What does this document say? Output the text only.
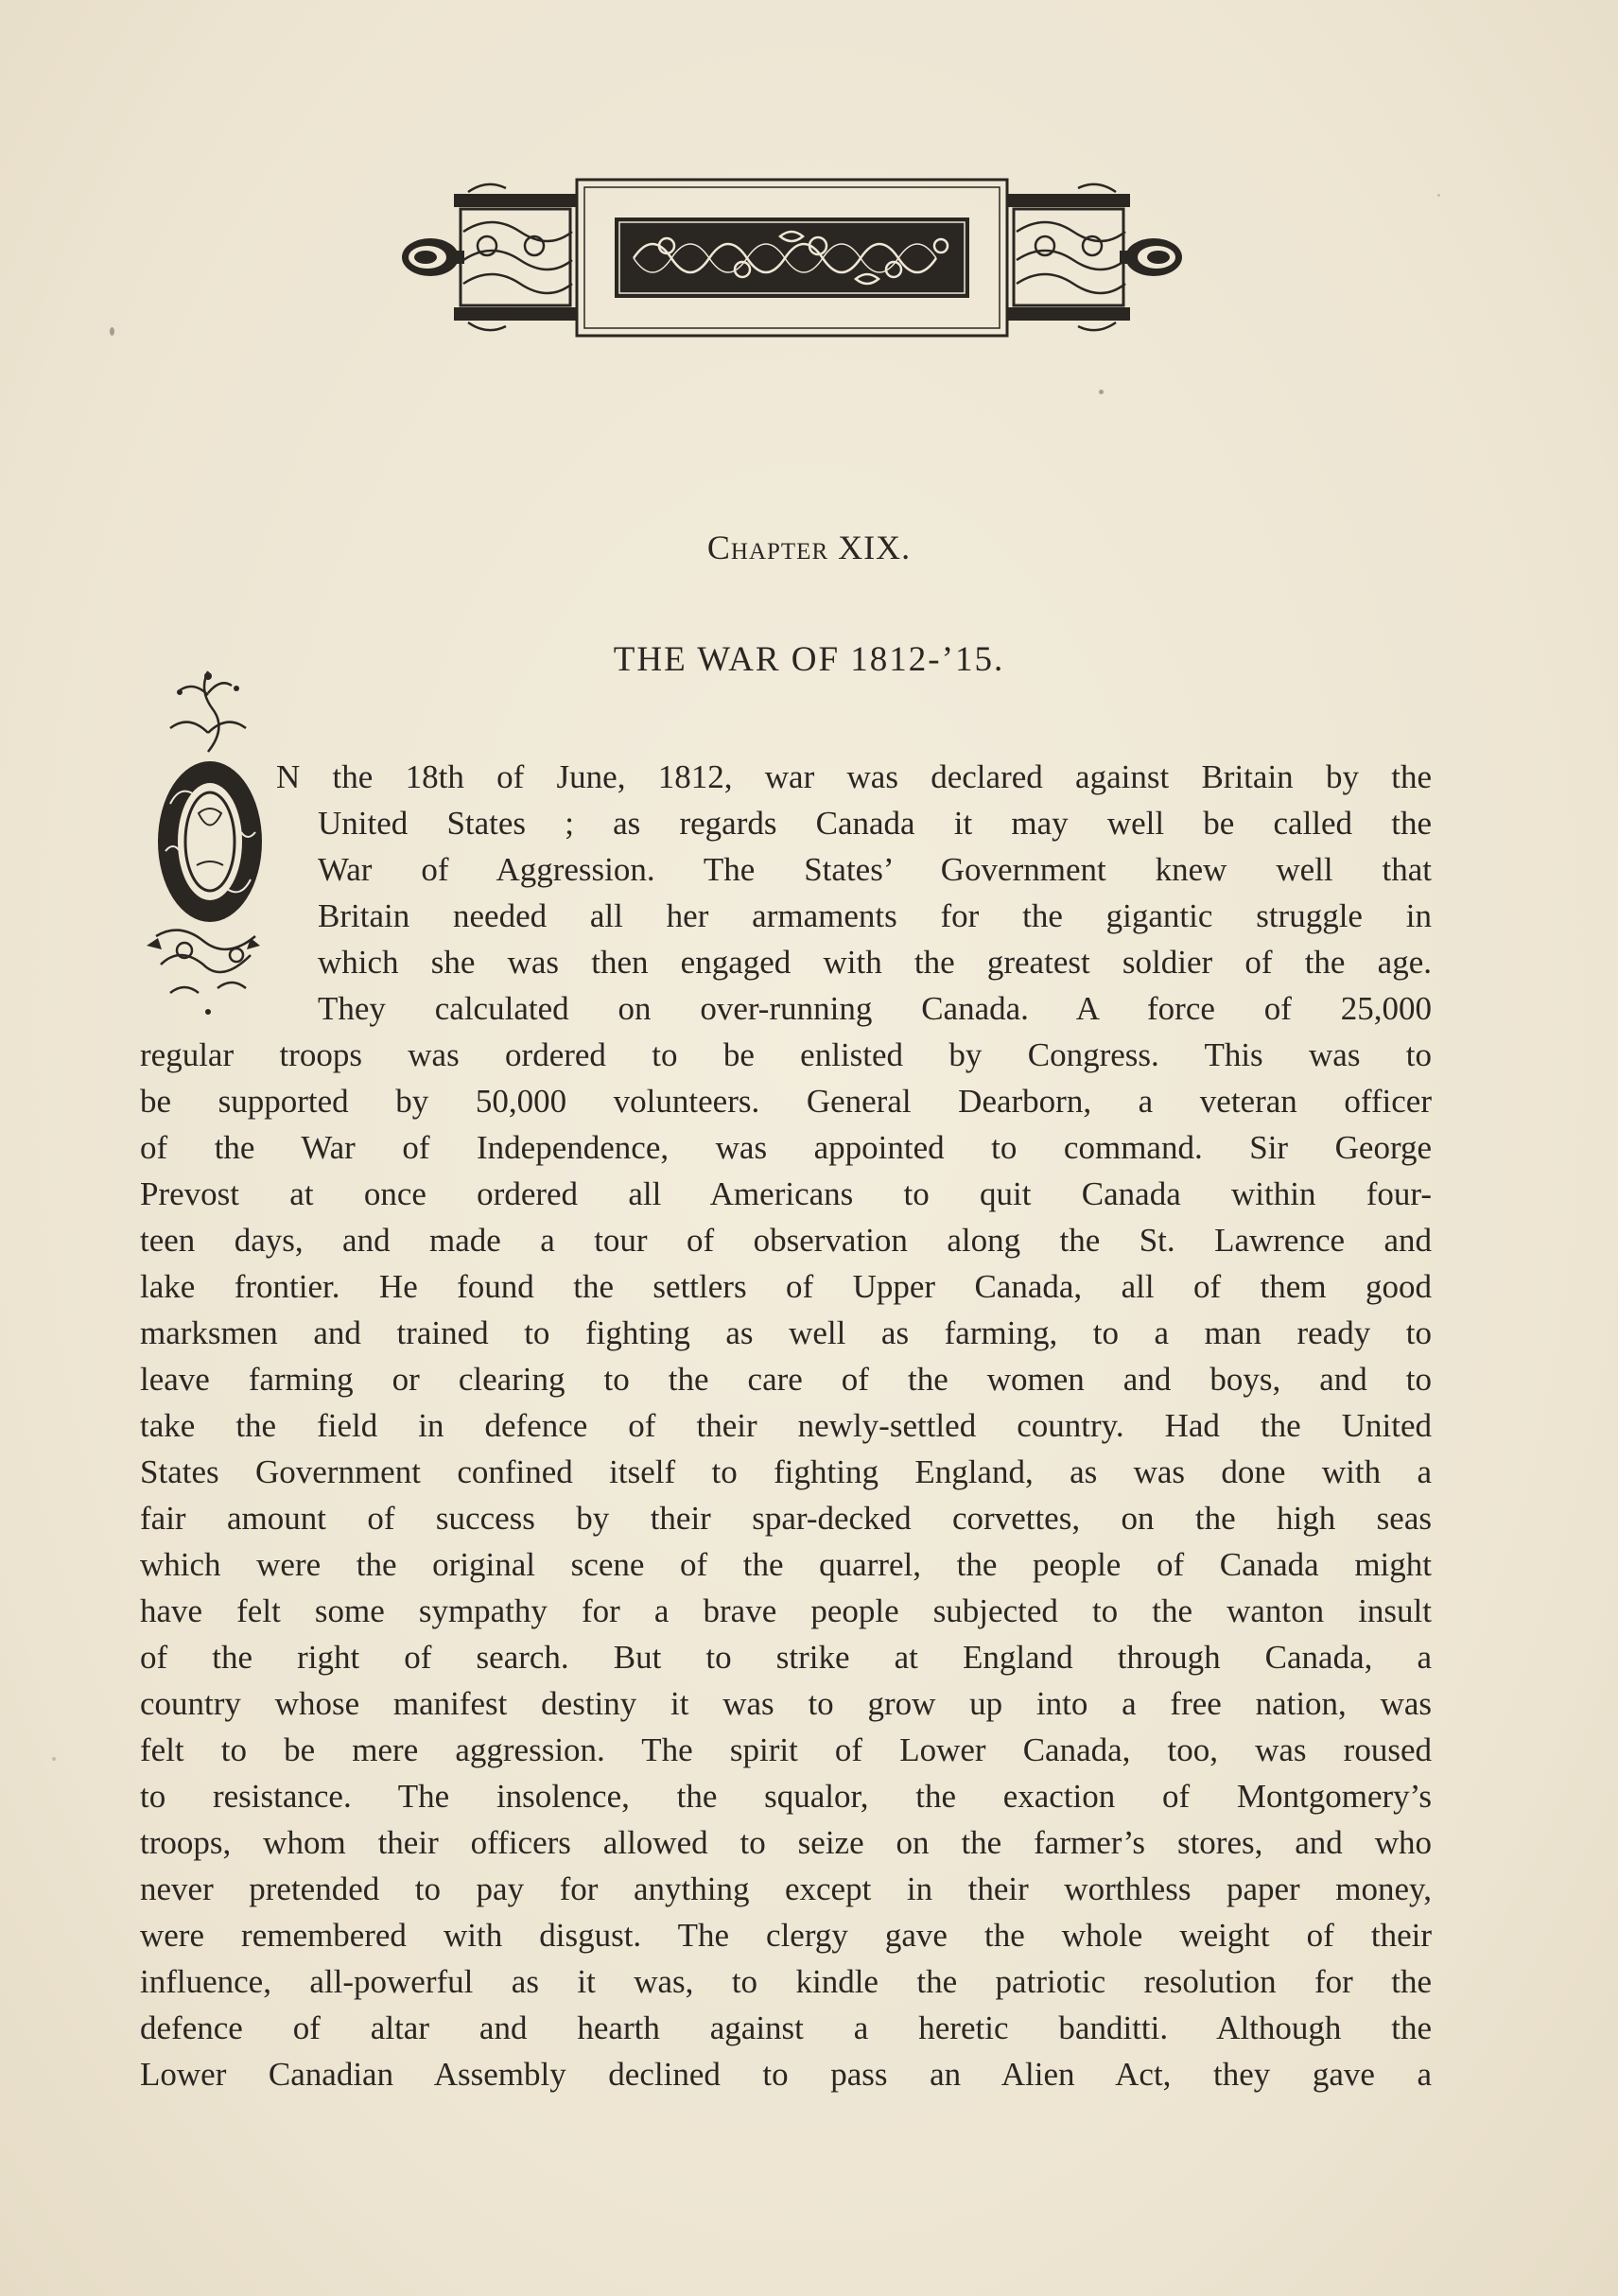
Chapter XIX.
THE WAR OF 1812-’15.
N the 18th of June, 1812, war was declared against Britain by the
United States ; as regards Canada it may well be called the
War of Aggression. The States’ Government knew well that
Britain needed all her armaments for the gigantic struggle in
which she was then engaged with the greatest soldier of the age.
They calculated on over-running Canada. A force of 25,000
regular troops was ordered to be enlisted by Congress. This was to
be supported by 50,000 volunteers. General Dearborn, a veteran officer
of the War of Independence, was appointed to command. Sir George
Prevost at once ordered all Americans to quit Canada within four-
teen days, and made a tour of observation along the St. Lawrence and
lake frontier. He found the settlers of Upper Canada, all of them good
marksmen and trained to fighting as well as farming, to a man ready to
leave farming or clearing to the care of the women and boys, and to
take the field in defence of their newly-settled country. Had the United
States Government confined itself to fighting England, as was done with a
fair amount of success by their spar-decked corvettes, on the high seas
which were the original scene of the quarrel, the people of Canada might
have felt some sympathy for a brave people subjected to the wanton insult
of the right of search. But to strike at England through Canada, a
country whose manifest destiny it was to grow up into a free nation, was
felt to be mere aggression. The spirit of Lower Canada, too, was roused
to resistance. The insolence, the squalor, the exaction of Montgomery’s
troops, whom their officers allowed to seize on the farmer’s stores, and who
never pretended to pay for anything except in their worthless paper money,
were remembered with disgust. The clergy gave the whole weight of their
influence, all-powerful as it was, to kindle the patriotic resolution for the
defence of altar and hearth against a heretic banditti. Although the
Lower Canadian Assembly declined to pass an Alien Act, they gave a
